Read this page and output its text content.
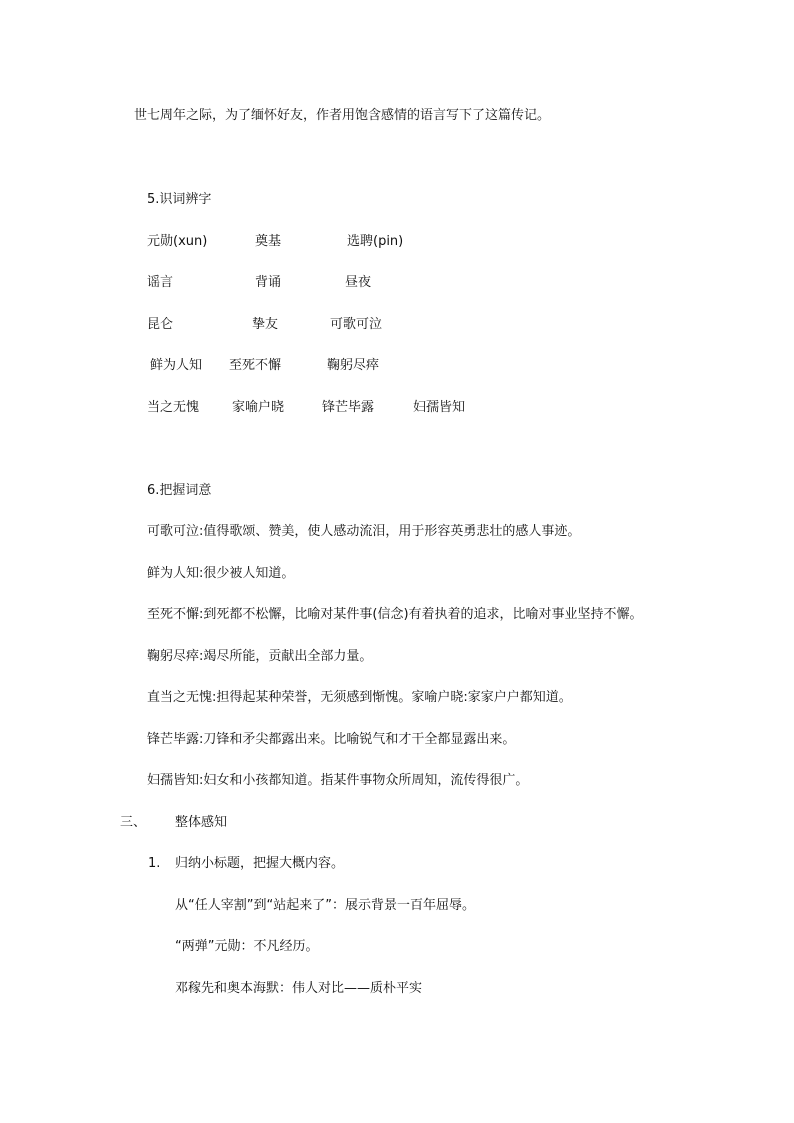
世七周年之际，为了缅怀好友，作者用饱含感情的语言写下了这篇传记。
5.识词辨字
元勋(xun)	奠基	选聘(pin)
谣言	背诵	昼夜
昆仑	挚友	可歌可泣
鲜为人知 至死不懈	鞠躬尽瘁
当之无愧	家喻户晓	锋芒毕露	妇孺皆知
6.把握词意
可歌可泣:值得歌颂、赞美，使人感动流泪，用于形容英勇悲壮的感人事迹。
鲜为人知:很少被人知道。
至死不懈:到死都不松懈，比喻对某件事(信念)有着执着的追求，比喻对事业坚持不懈。
鞠躬尽瘁:竭尽所能，贡献出全部力量。
直当之无愧:担得起某种荣誉，无须感到惭愧。家喻户晓:家家户户都知道。
锋芒毕露:刀锋和矛尖都露出来。比喻锐气和才干全都显露出来。
妇孺皆知:妇女和小孩都知道。指某件事物众所周知，流传得很广。
三、 整体感知
1. 归纳小标题，把握大概内容。
从“任人宰割”到“站起来了”：展示背景一百年屈辱。
“两弹”元勋：不凡经历。
邓稼先和奥本海默：伟人对比——质朴平实
